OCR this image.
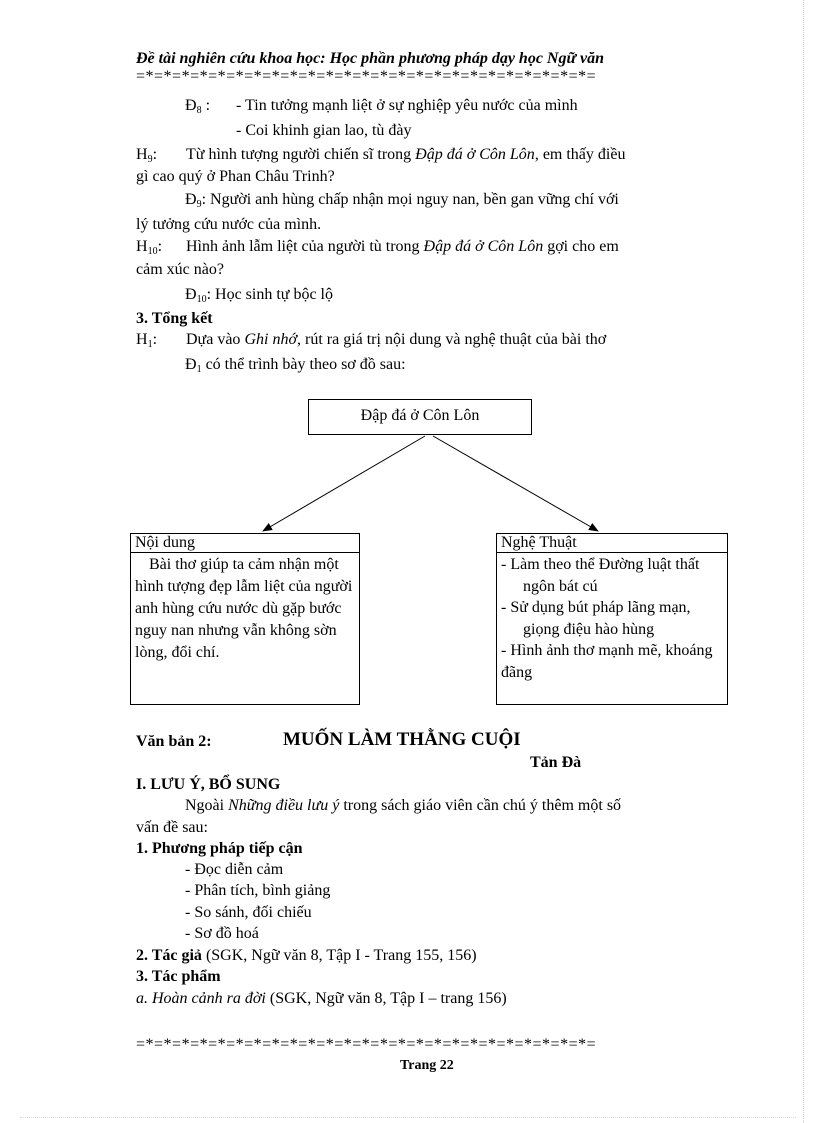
Đề tài nghiên cứu khoa học: Học phần phương pháp dạy học Ngữ văn
=*=*=*=*=*=*=*=*=*=*=*=*=*=*=*=*=*=*=*=*=*=*=*=*=*=
$Đ_8$ : - Tin tưởng mạnh liệt ở sự nghiệp yêu nước của mình
- Coi khinh gian lao, tù đày
$H_9$: Từ hình tượng người chiến sĩ trong Đập đá ở Côn Lôn, em thấy điều
gì cao quý ở Phan Châu Trinh?
$Đ_9$: Người anh hùng chấp nhận mọi nguy nan, bền gan vững chí với
lý tưởng cứu nước của mình.
$H_{10}$: Hình ảnh lẫm liệt của người tù trong Đập đá ở Côn Lôn gợi cho em
cảm xúc nào?
$Đ_{10}$: Học sinh tự bộc lộ
3. Tổng kết
$H_1$: Dựa vào Ghi nhớ, rút ra giá trị nội dung và nghệ thuật của bài thơ
$Đ_1$ có thể trình bày theo sơ đồ sau:
Đập đá ở Côn Lôn
Nội dung
Bài thơ giúp ta cảm nhận một hình tượng đẹp lẫm liệt của người anh hùng cứu nước dù gặp bước nguy nan nhưng vẫn không sờn lòng, đổi chí.
Nghệ Thuật
- Làm theo thể Đường luật thất ngôn bát cú
- Sử dụng bút pháp lãng mạn, giọng điệu hào hùng
- Hình ảnh thơ mạnh mẽ, khoáng đãng
Văn bản 2:	MUỐN LÀM THẰNG CUỘI
Tản Đà
I. LƯU Ý, BỔ SUNG
Ngoài Những điều lưu ý trong sách giáo viên cần chú ý thêm một số
vấn đề sau:
1. Phương pháp tiếp cận
- Đọc diễn cảm
- Phân tích, bình giảng
- So sánh, đối chiếu
- Sơ đồ hoá
2. Tác giả (SGK, Ngữ văn 8, Tập I - Trang 155, 156)
3. Tác phẩm
a. Hoàn cảnh ra đời (SGK, Ngữ văn 8, Tập I – trang 156)
=*=*=*=*=*=*=*=*=*=*=*=*=*=*=*=*=*=*=*=*=*=*=*=*=*=
Trang 22
